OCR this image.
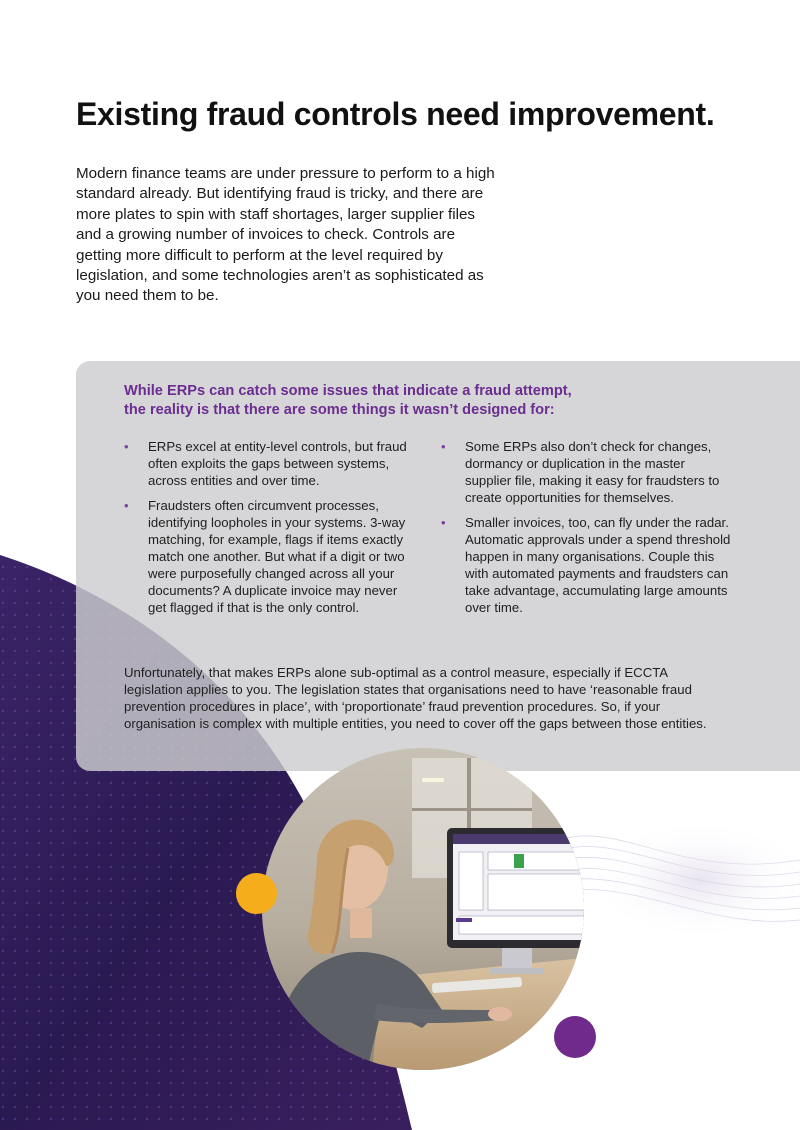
Existing fraud controls need improvement.

Modern finance teams are under pressure to perform to a high standard already. But identifying fraud is tricky, and there are more plates to spin with staff shortages, larger supplier files and a growing number of invoices to check. Controls are getting more difficult to perform at the level required by legislation, and some technologies aren’t as sophisticated as you need them to be.

While ERPs can catch some issues that indicate a fraud attempt,
the reality is that there are some things it wasn’t designed for:

• ERPs excel at entity-level controls, but fraud often exploits the gaps between systems, across entities and over time.
• Fraudsters often circumvent processes, identifying loopholes in your systems. 3-way matching, for example, flags if items exactly match one another. But what if a digit or two were purposefully changed across all your documents? A duplicate invoice may never get flagged if that is the only control.
• Some ERPs also don’t check for changes, dormancy or duplication in the master supplier file, making it easy for fraudsters to create opportunities for themselves.
• Smaller invoices, too, can fly under the radar. Automatic approvals under a spend threshold happen in many organisations. Couple this with automated payments and fraudsters can take advantage, accumulating large amounts over time.

Unfortunately, that makes ERPs alone sub-optimal as a control measure, especially if ECCTA legislation applies to you. The legislation states that organisations need to have ‘reasonable fraud prevention procedures in place’, with ‘proportionate’ fraud prevention procedures. So, if your organisation is complex with multiple entities, you need to cover off the gaps between those entities.
